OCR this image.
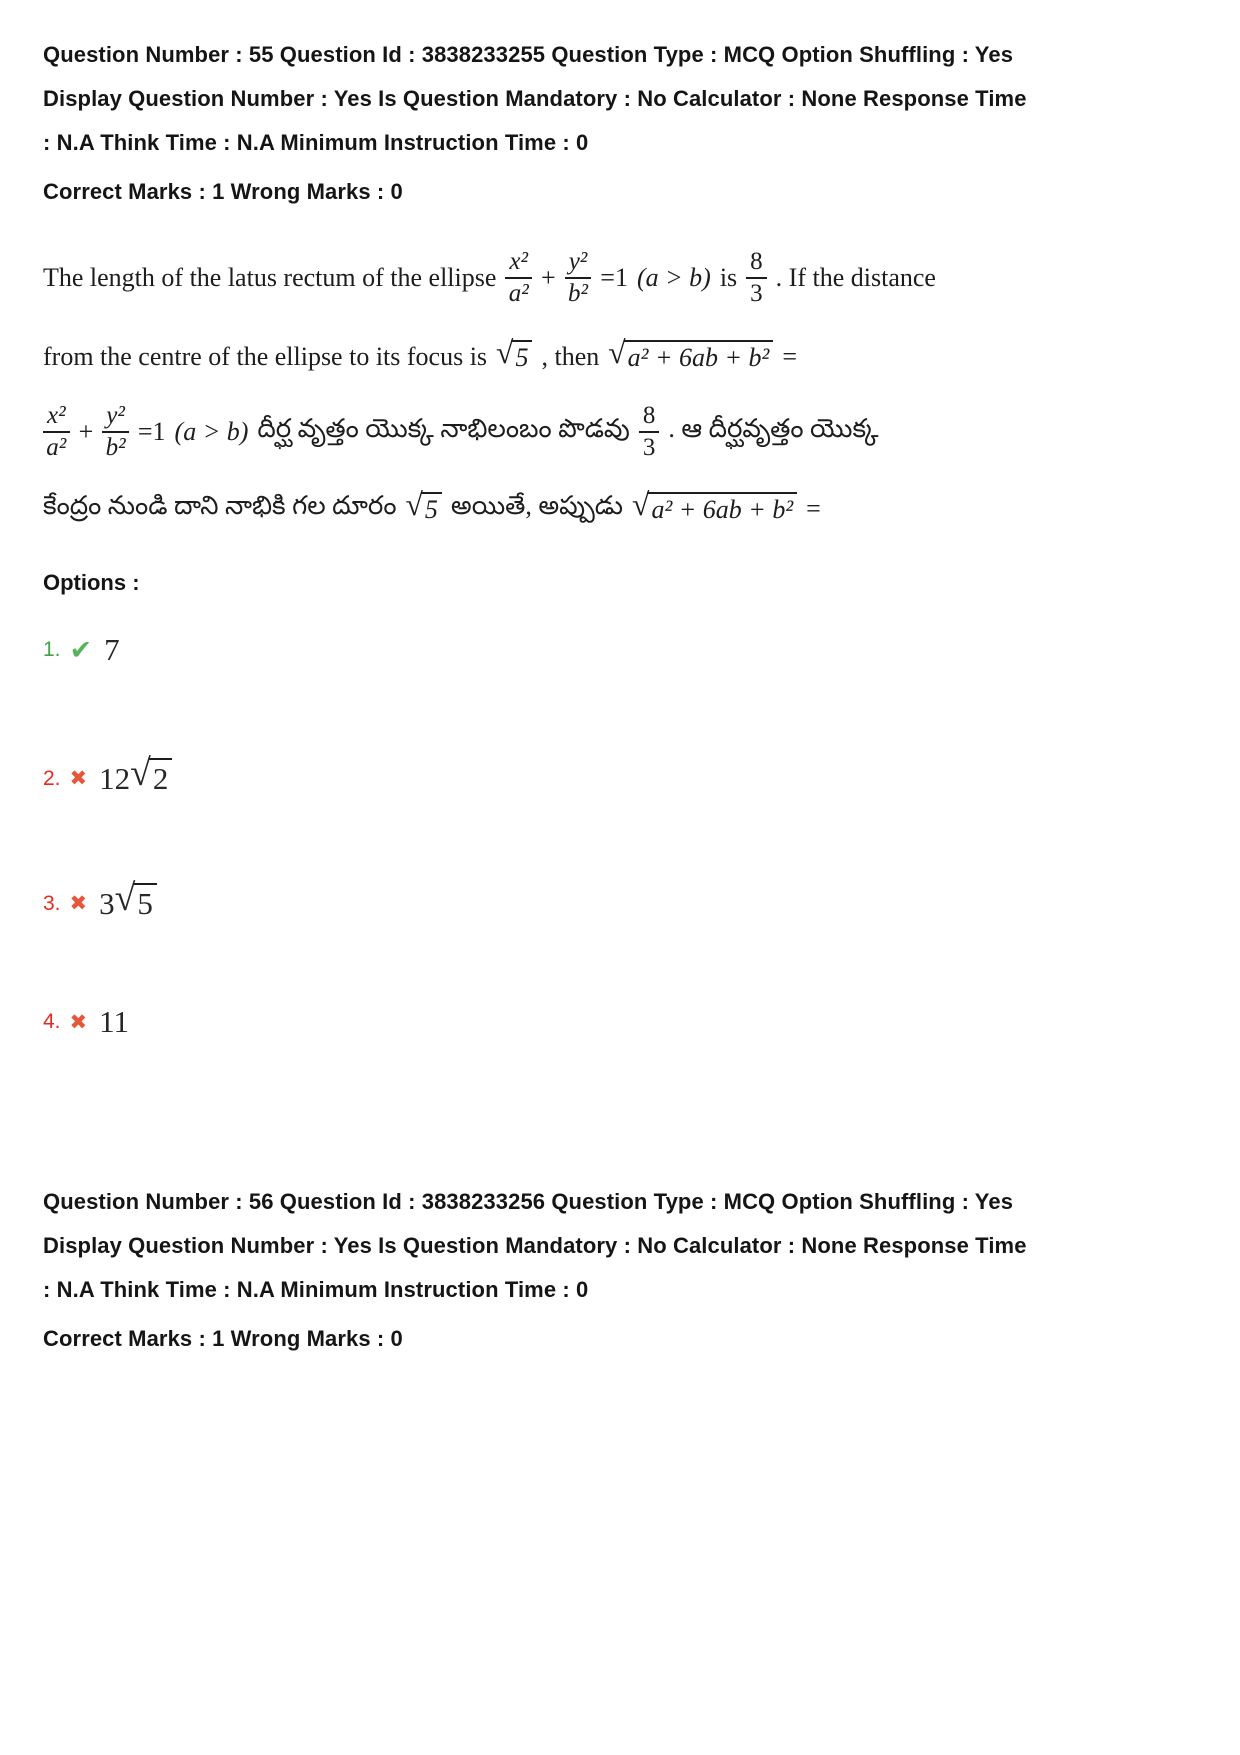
Question Number : 55 Question Id : 3838233255 Question Type : MCQ Option Shuffling : Yes
Display Question Number : Yes Is Question Mandatory : No Calculator : None Response Time
: N.A Think Time : N.A Minimum Instruction Time : 0
Correct Marks : 1 Wrong Marks : 0
The length of the latus rectum of the ellipse $\frac{\text{x²}}{\text{a²}} + \frac{\text{y²}}{\text{b²}} =1$ (a > b) is $\frac{8}{3}$ . If the distance
from the centre of the ellipse to its focus is √ 5 , then √ a² + 6ab + b² =
$\frac{\text{x²}}{\text{a²}} + \frac{\text{y²}}{\text{b²}} =1$ (a > b) దీర్ఘ వృత్తం యొక్క నాభిలంబం పొడవు $\frac{8}{3}$ . ఆ దీర్ఘవృత్తం యొక్క
కేంద్రం నుండి దాని నాభికి గల దూరం √ 5 అయితే, అప్పుడు √ a² + 6ab + b² =
Options :
1. ✔ 7
2. ✖ 12 √ 2
3. ✖ 3 √ 5
4. ✖ 11
Question Number : 56 Question Id : 3838233256 Question Type : MCQ Option Shuffling : Yes
Display Question Number : Yes Is Question Mandatory : No Calculator : None Response Time
: N.A Think Time : N.A Minimum Instruction Time : 0
Correct Marks : 1 Wrong Marks : 0
